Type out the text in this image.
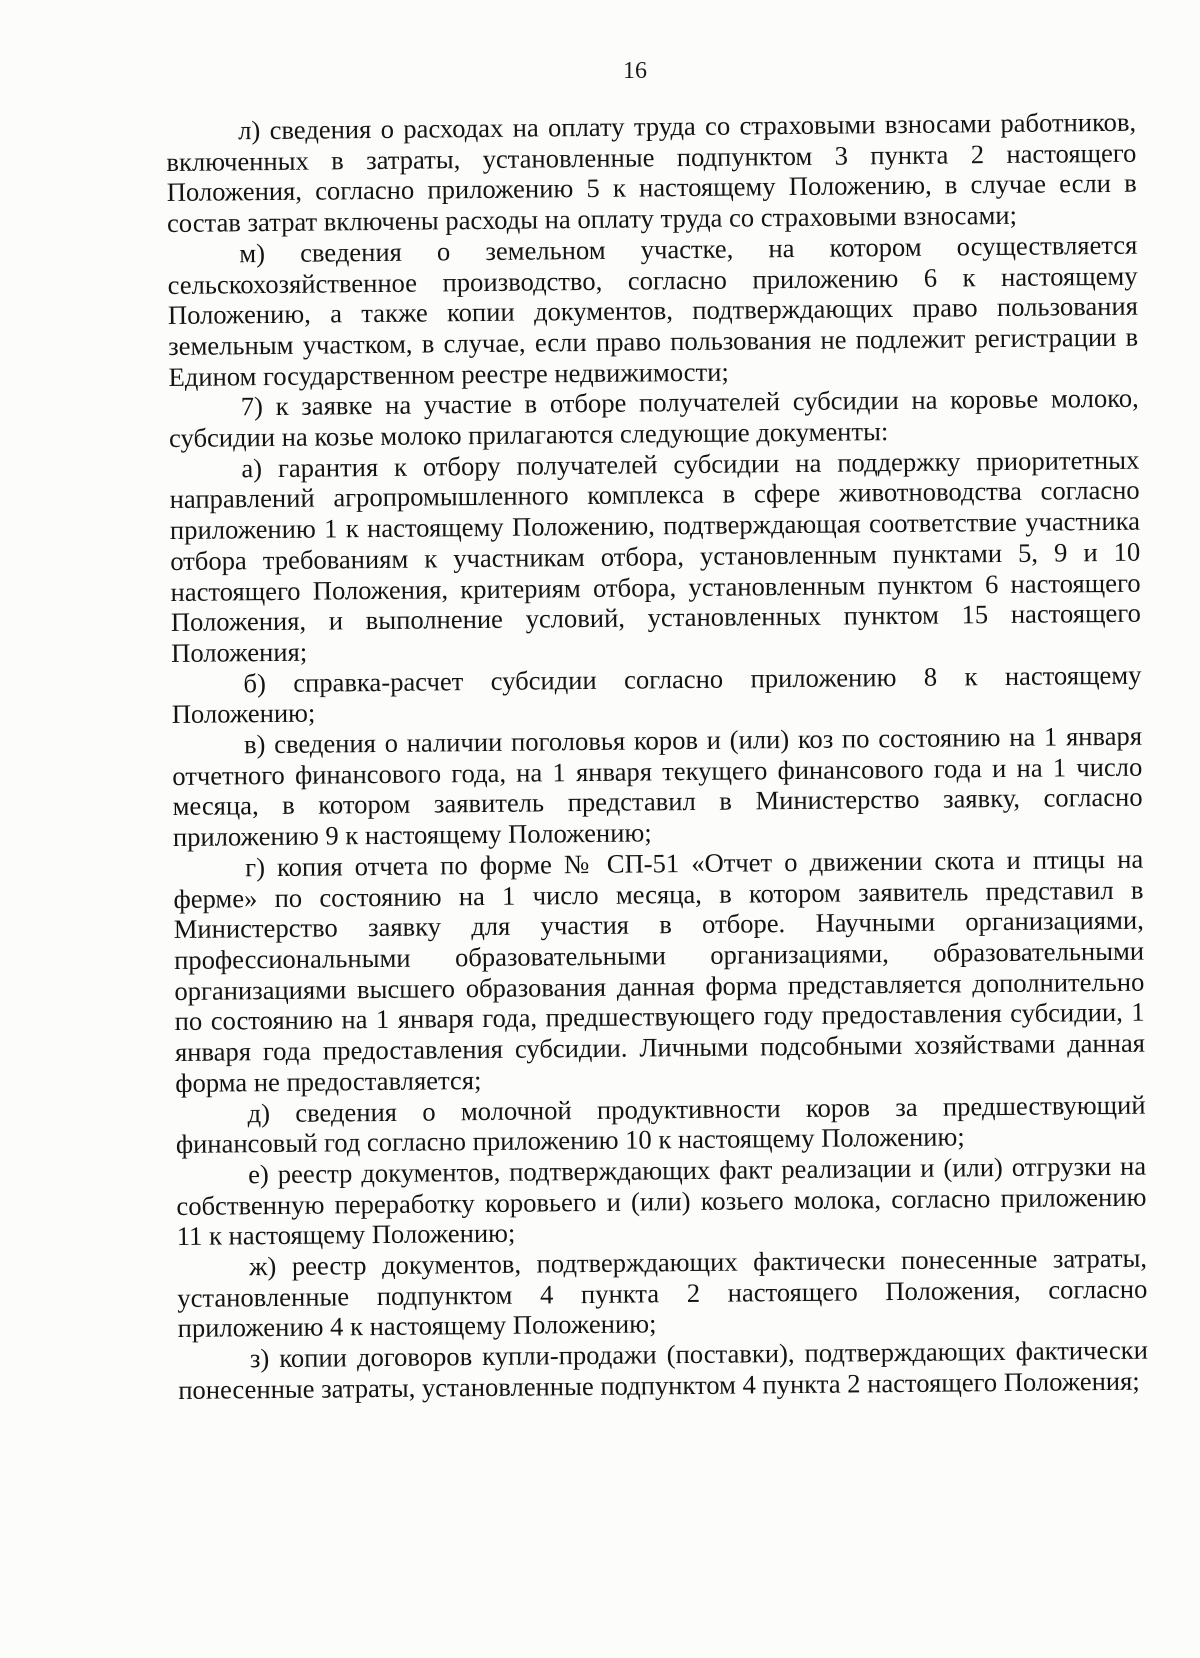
16

л) сведения о расходах на оплату труда со страховыми взносами работников, включенных в затраты, установленные подпунктом 3 пункта 2 настоящего Положения, согласно приложению 5 к настоящему Положению, в случае если в состав затрат включены расходы на оплату труда со страховыми взносами;

м) сведения о земельном участке, на котором осуществляется сельскохозяйственное производство, согласно приложению 6 к настоящему Положению, а также копии документов, подтверждающих право пользования земельным участком, в случае, если право пользования не подлежит регистрации в Едином государственном реестре недвижимости;

7) к заявке на участие в отборе получателей субсидии на коровье молоко, субсидии на козье молоко прилагаются следующие документы:

а) гарантия к отбору получателей субсидии на поддержку приоритетных направлений агропромышленного комплекса в сфере животноводства согласно приложению 1 к настоящему Положению, подтверждающая соответствие участника отбора требованиям к участникам отбора, установленным пунктами 5, 9 и 10 настоящего Положения, критериям отбора, установленным пунктом 6 настоящего Положения, и выполнение условий, установленных пунктом 15 настоящего Положения;

б) справка-расчет субсидии согласно приложению 8 к настоящему Положению;

в) сведения о наличии поголовья коров и (или) коз по состоянию на 1 января отчетного финансового года, на 1 января текущего финансового года и на 1 число месяца, в котором заявитель представил в Министерство заявку, согласно приложению 9 к настоящему Положению;

г) копия отчета по форме № СП-51 «Отчет о движении скота и птицы на ферме» по состоянию на 1 число месяца, в котором заявитель представил в Министерство заявку для участия в отборе. Научными организациями, профессиональными образовательными организациями, образовательными организациями высшего образования данная форма представляется дополнительно по состоянию на 1 января года, предшествующего году предоставления субсидии, 1 января года предоставления субсидии. Личными подсобными хозяйствами данная форма не предоставляется;

д) сведения о молочной продуктивности коров за предшествующий финансовый год согласно приложению 10 к настоящему Положению;

е) реестр документов, подтверждающих факт реализации и (или) отгрузки на собственную переработку коровьего и (или) козьего молока, согласно приложению 11 к настоящему Положению;

ж) реестр документов, подтверждающих фактически понесенные затраты, установленные подпунктом 4 пункта 2 настоящего Положения, согласно приложению 4 к настоящему Положению;

з) копии договоров купли-продажи (поставки), подтверждающих фактически понесенные затраты, установленные подпунктом 4 пункта 2 настоящего Положения;
